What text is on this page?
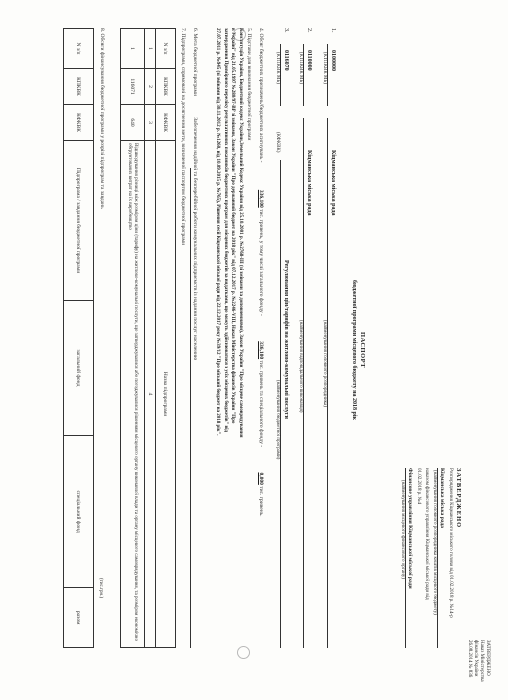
ЗАТВЕРДЖЕНО
Наказ Міністерства
фінансів України
26.08.2014 № 836
ЗАТВЕРДЖЕНО
Розпорядження Кіцманського міського голови від 01.02.2018 р. №14-р
Кіцманська міська рада
(найменування головного розпорядника коштів місцевого бюджету)
наказом фінансового управління Кіцманської міської ради від
01.02.2018 р. №4
Фінансове управління Кіцманської міської ради
(найменування місцевого фінансового органу)
ПАСПОРТ
бюджетної програми місцевого бюджету на 2018 рік
1.
0100000
(КТПКВК МБ)
Кіцманська міська рада
(найменування головного розпорядника)
2.
0110000
(КТПКВК МБ)
Кіцманська міська рада
(найменування відповідального виконавця)
3.
0116070
(КТПКВК МБ)
(КФКВК)
Регулювання цін/тарифів на житлово-комунальні послуги
(найменування бюджетної програми)
4. Обсяг бюджетних призначень/бюджетних асигнувань - 336,100 тис. гривень, у тому числі загального фонду - 336,100 тис. гривень та спеціального фонду - 0,000 тис. гривень.
5. Підстави для виконання бюджетної програми
Конституція України, Бюджетний кодекс України,Земельний Кодекс України від 25.10.2001 р. №2768-ІІІ (зі змінами та доповненнями), Закон України "Про місцеве самоврядування
в Україні" від 21.05.1997 №280/97-ВР зі змінами, Закон України "Про державний бюджет на 2018 рік" від 07.12.2017 р. №2246-VІІІ, Наказ Міністерства фінансів України "Про
затвердження Примірного переліку результативних показників бюджетних програм для місцевих бюджетів за видатками, що можуть здійснюватися з усіх місцевих бюджетів" від
27.07.2011 р. №945 (зі змінами від 30.11.2012 р. №1260, від 10.09.2015 р. №765), Рішення сесії Кіцманської міської ради від 22.12.2017 року №39/12 "Про міський бюджет на 2018 рік".
6. Мета бюджетної програми Забезпечення надійної та безперебійної роботи комунальних підприємств із надання послуг населенню
7. Підпрограми, спрямовані на досягнення мети, визначеної паспортом бюджетної програми
N з/п	КПКВК	КФКВК	Назва підпрограми
1	2	3	4
1	116071	640	Відшкодування різниці між розміром ціни (тарифу) на житлово-комунальні послуги, що затверджувалися або погоджувалися рішенням місцевого органу виконавчої влади та органу місцевого самоврядування, та розміром економічно обґрунтованих витрат на їх виробництво
8. Обсяги фінансування бюджетної програми у розрізі підпрограм та завдань
(тис.грн.)
N з/п	КПКВК	КФКВК	Підпрограма / завдання бюджетної програми	загальний фонд	спеціальний фонд	разом
